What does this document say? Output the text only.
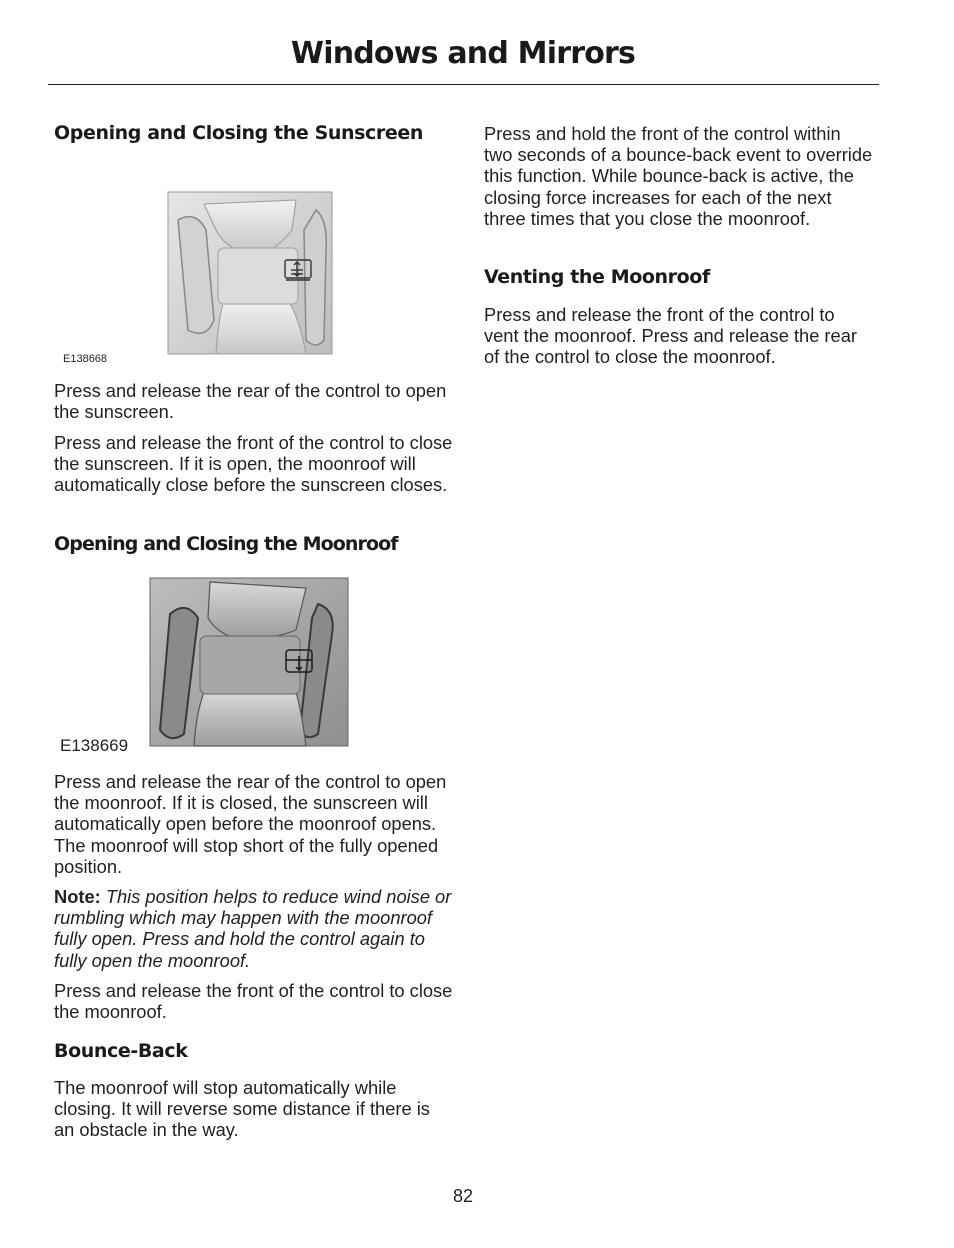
Windows and Mirrors
Opening and Closing the Sunscreen
E138668

Press and release the rear of the control to open the sunscreen.

Press and release the front of the control to close the sunscreen. If it is open, the moonroof will automatically close before the sunscreen closes.

Opening and Closing the Moonroof
E138669

Press and release the rear of the control to open the moonroof. If it is closed, the sunscreen will automatically open before the moonroof opens. The moonroof will stop short of the fully opened position.

Note: This position helps to reduce wind noise or rumbling which may happen with the moonroof fully open. Press and hold the control again to fully open the moonroof.

Press and release the front of the control to close the moonroof.

Bounce-Back

The moonroof will stop automatically while closing. It will reverse some distance if there is an obstacle in the way.

Press and hold the front of the control within two seconds of a bounce-back event to override this function. While bounce-back is active, the closing force increases for each of the next three times that you close the moonroof.

Venting the Moonroof

Press and release the front of the control to vent the moonroof. Press and release the rear of the control to close the moonroof.

82
